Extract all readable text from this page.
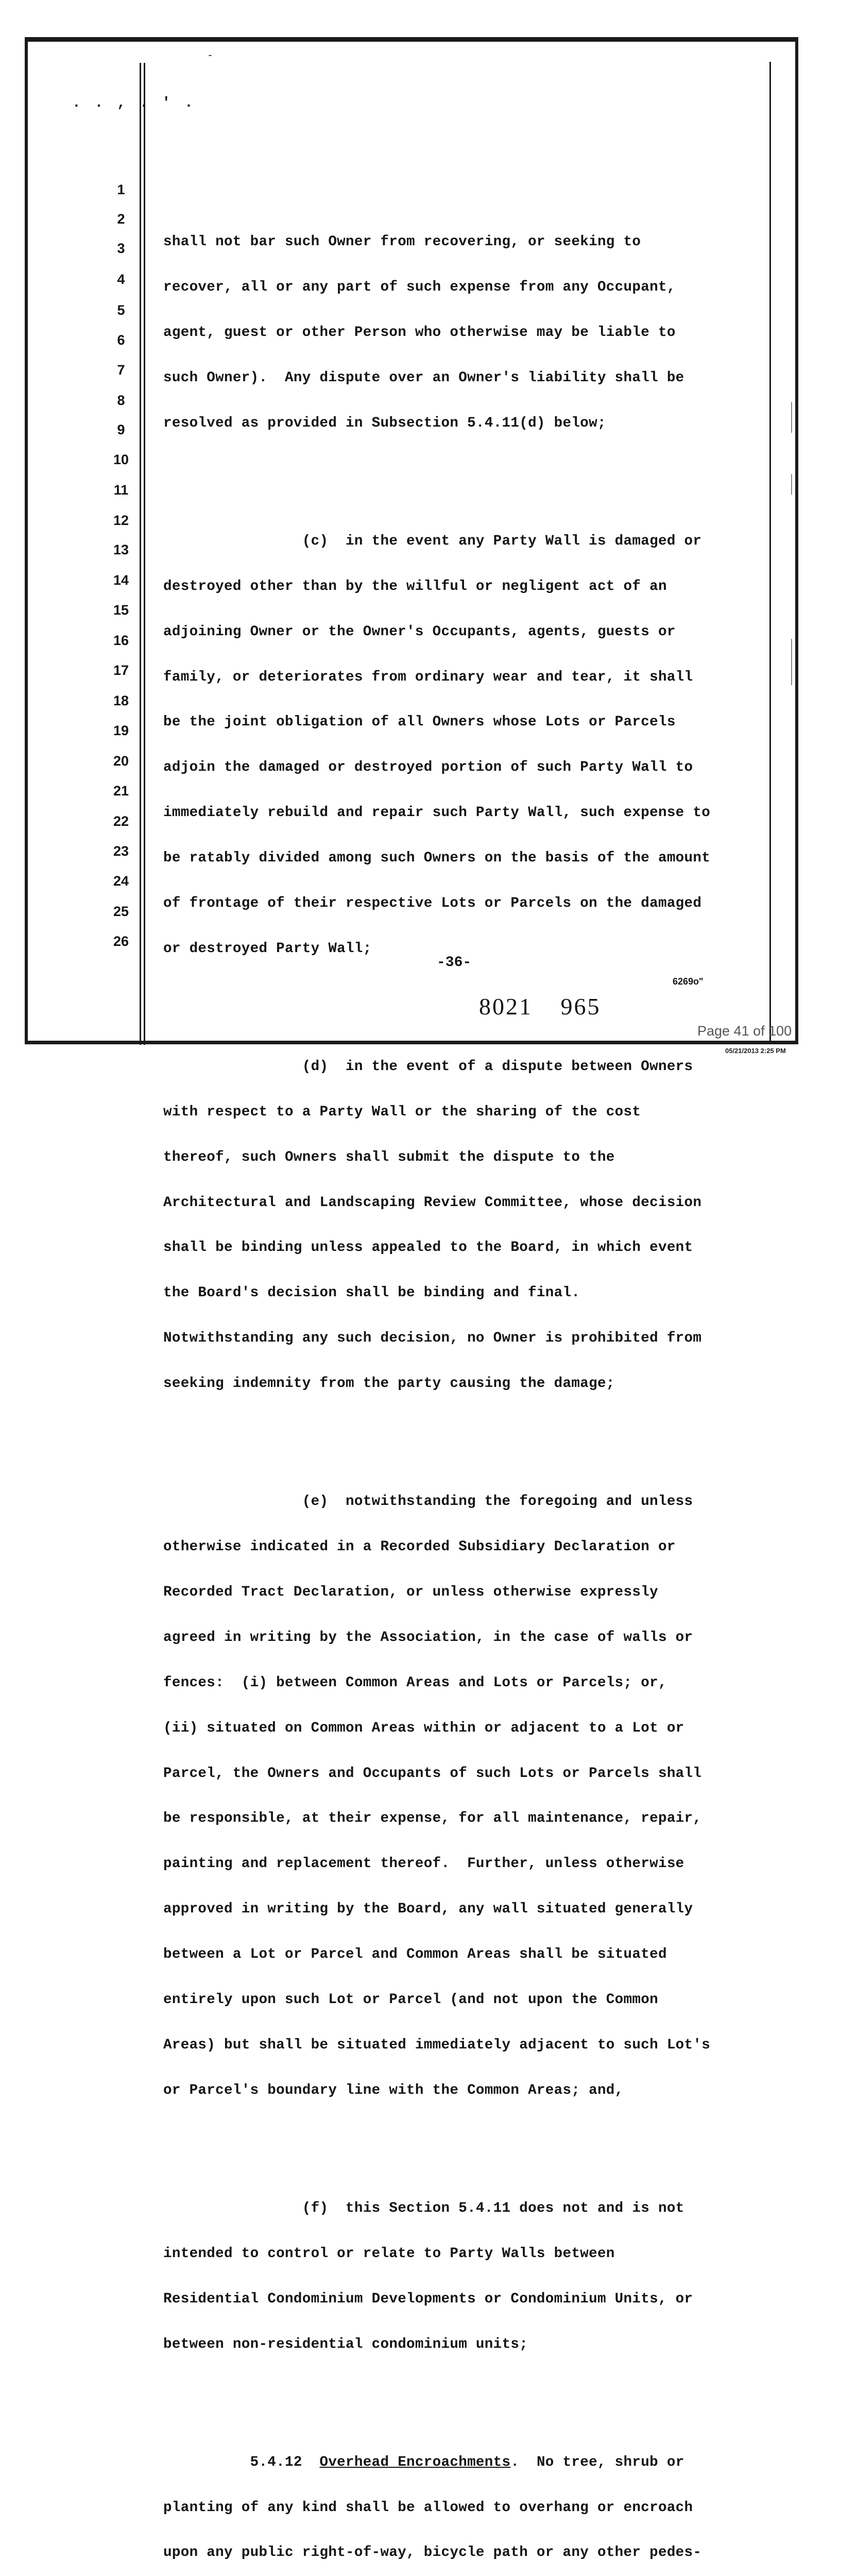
-
. . , . ' .
1
2
3
4
5
6
7
8
9
10
11
12
13
14
15
16
17
18
19
20
21
22
23
24
25
26

shall not bar such Owner from recovering, or seeking to

recover, all or any part of such expense from any Occupant,

agent, guest or other Person who otherwise may be liable to

such Owner).  Any dispute over an Owner's liability shall be

resolved as provided in Subsection 5.4.11(d) below;

(c)  in the event any Party Wall is damaged or

destroyed other than by the willful or negligent act of an

adjoining Owner or the Owner's Occupants, agents, guests or

family, or deteriorates from ordinary wear and tear, it shall

be the joint obligation of all Owners whose Lots or Parcels

adjoin the damaged or destroyed portion of such Party Wall to

immediately rebuild and repair such Party Wall, such expense to

be ratably divided among such Owners on the basis of the amount

of frontage of their respective Lots or Parcels on the damaged

or destroyed Party Wall;

(d)  in the event of a dispute between Owners

with respect to a Party Wall or the sharing of the cost

thereof, such Owners shall submit the dispute to the

Architectural and Landscaping Review Committee, whose decision

shall be binding unless appealed to the Board, in which event

the Board's decision shall be binding and final.

Notwithstanding any such decision, no Owner is prohibited from

seeking indemnity from the party causing the damage;

(e)  notwithstanding the foregoing and unless

otherwise indicated in a Recorded Subsidiary Declaration or

Recorded Tract Declaration, or unless otherwise expressly

agreed in writing by the Association, in the case of walls or

fences:  (i) between Common Areas and Lots or Parcels; or,

(ii) situated on Common Areas within or adjacent to a Lot or

Parcel, the Owners and Occupants of such Lots or Parcels shall

be responsible, at their expense, for all maintenance, repair,

painting and replacement thereof.  Further, unless otherwise

approved in writing by the Board, any wall situated generally

between a Lot or Parcel and Common Areas shall be situated

entirely upon such Lot or Parcel (and not upon the Common

Areas) but shall be situated immediately adjacent to such Lot's

or Parcel's boundary line with the Common Areas; and,

(f)  this Section 5.4.11 does not and is not

intended to control or relate to Party Walls between

Residential Condominium Developments or Condominium Units, or

between non-residential condominium units;

5.4.12  Overhead Encroachments.  No tree, shrub or

planting of any kind shall be allowed to overhang or encroach

upon any public right-of-way, bicycle path or any other pedes-

-36-
6269o"
8021 965
Page 41 of 100
05/21/2013 2:25 PM
